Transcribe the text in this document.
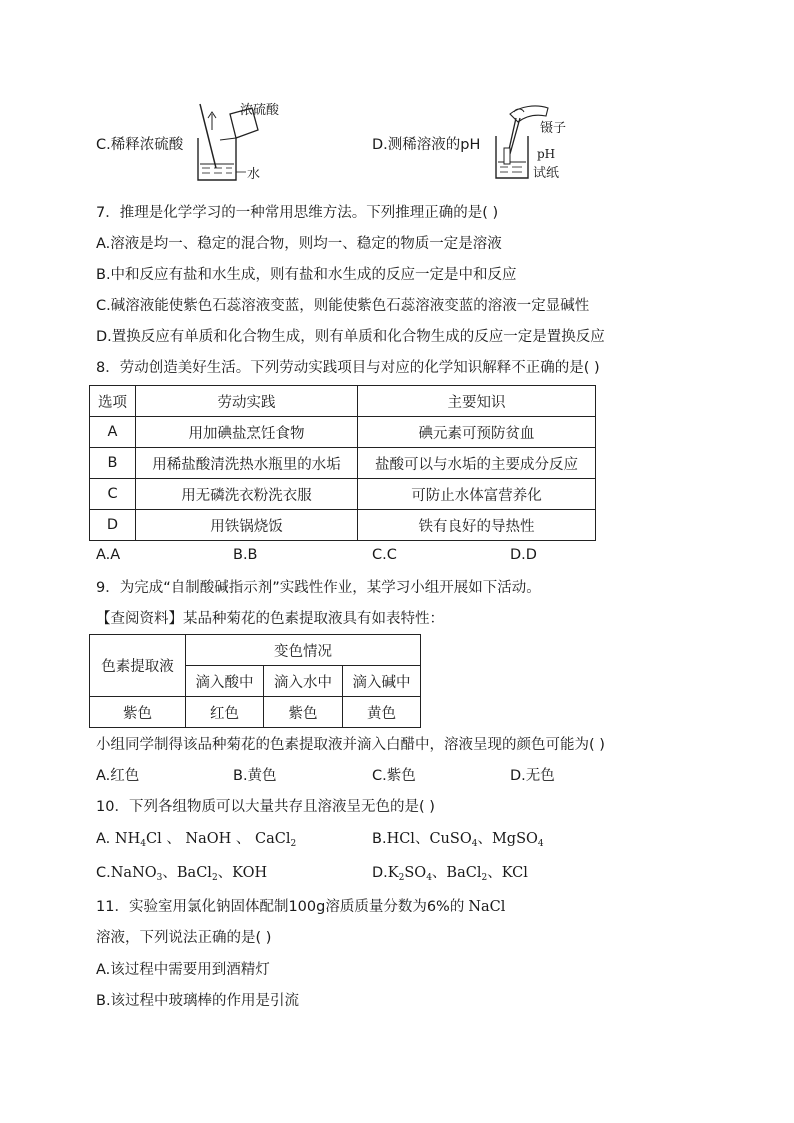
C.稀释浓硫酸
浓硫酸
水
D.测稀溶液的pH
镊子
pH
试纸
7．推理是化学学习的一种常用思维方法。下列推理正确的是( )
A.溶液是均一、稳定的混合物，则均一、稳定的物质一定是溶液
B.中和反应有盐和水生成，则有盐和水生成的反应一定是中和反应
C.碱溶液能使紫色石蕊溶液变蓝，则能使紫色石蕊溶液变蓝的溶液一定显碱性
D.置换反应有单质和化合物生成，则有单质和化合物生成的反应一定是置换反应
8．劳动创造美好生活。下列劳动实践项目与对应的化学知识解释不正确的是( )
选项	劳动实践	主要知识
A	用加碘盐烹饪食物	碘元素可预防贫血
B	用稀盐酸清洗热水瓶里的水垢	盐酸可以与水垢的主要成分反应
C	用无磷洗衣粉洗衣服	可防止水体富营养化
D	用铁锅烧饭	铁有良好的导热性
A.A	B.B	C.C	D.D
9．为完成“自制酸碱指示剂”实践性作业，某学习小组开展如下活动。
【查阅资料】某品种菊花的色素提取液具有如表特性：
色素提取液	变色情况		
	滴入酸中	滴入水中	滴入碱中
紫色	红色	紫色	黄色
小组同学制得该品种菊花的色素提取液并滴入白醋中，溶液呈现的颜色可能为( )
A.红色	B.黄色	C.紫色	D.无色
10．下列各组物质可以大量共存且溶液呈无色的是( )
A. $NH_4Cl$ 、 NaOH 、 CaCl$_2$	B.HCl、CuSO$_4$、MgSO$_4$
C.NaNO$_3$、BaCl$_2$、KOH	$D.K_2SO_4$、BaCl$_2$、KCl
11．实验室用氯化钠固体配制100g溶质质量分数为6%的 NaCl
溶液，下列说法正确的是( )
A.该过程中需要用到酒精灯
B.该过程中玻璃棒的作用是引流
